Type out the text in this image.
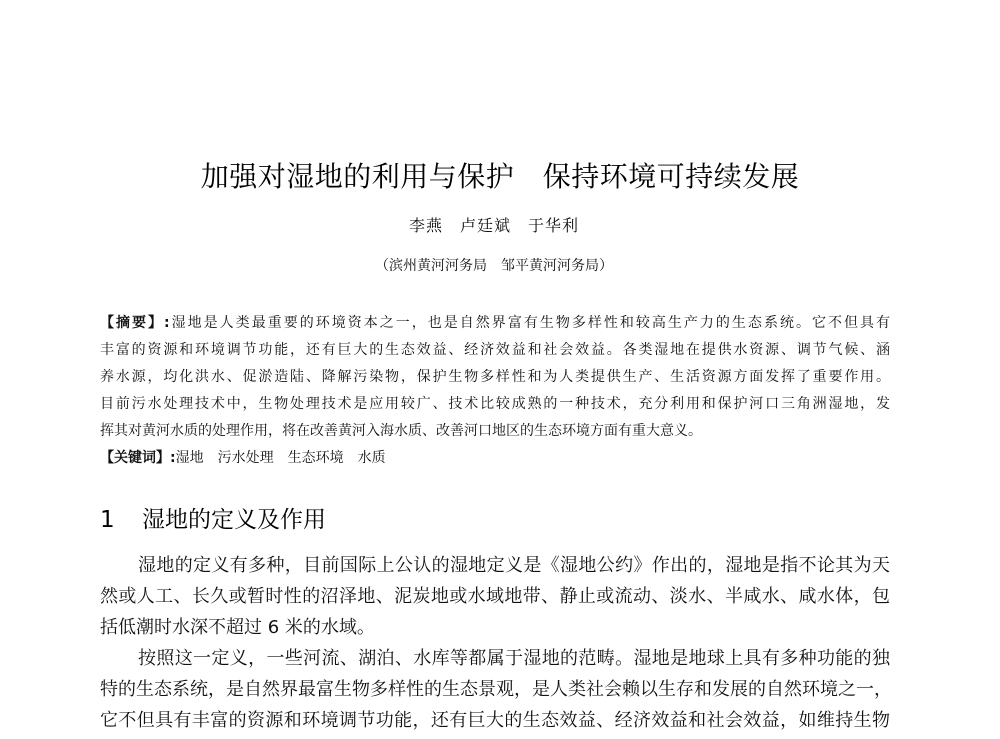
加强对湿地的利用与保护　保持环境可持续发展
李燕　卢廷斌　于华利
（滨州黄河河务局　邹平黄河河务局）
【摘要】:湿地是人类最重要的环境资本之一，也是自然界富有生物多样性和较高生产力的生态系统。它不但具有
丰富的资源和环境调节功能，还有巨大的生态效益、经济效益和社会效益。各类湿地在提供水资源、调节气候、涵
养水源，均化洪水、促淤造陆、降解污染物，保护生物多样性和为人类提供生产、生活资源方面发挥了重要作用。
目前污水处理技术中，生物处理技术是应用较广、技术比较成熟的一种技术，充分利用和保护河口三角洲湿地，发
挥其对黄河水质的处理作用，将在改善黄河入海水质、改善河口地区的生态环境方面有重大意义。
【关键词】:湿地　污水处理　生态环境　水质
1 湿地的定义及作用
湿地的定义有多种，目前国际上公认的湿地定义是《湿地公约》作出的，湿地是指不论其为天
然或人工、长久或暂时性的沼泽地、泥炭地或水域地带、静止或流动、淡水、半咸水、咸水体，包
括低潮时水深不超过 6 米的水域。
按照这一定义，一些河流、湖泊、水库等都属于湿地的范畴。湿地是地球上具有多种功能的独
特的生态系统，是自然界最富生物多样性的生态景观，是人类社会赖以生存和发展的自然环境之一，
它不但具有丰富的资源和环境调节功能，还有巨大的生态效益、经济效益和社会效益，如维持生物
